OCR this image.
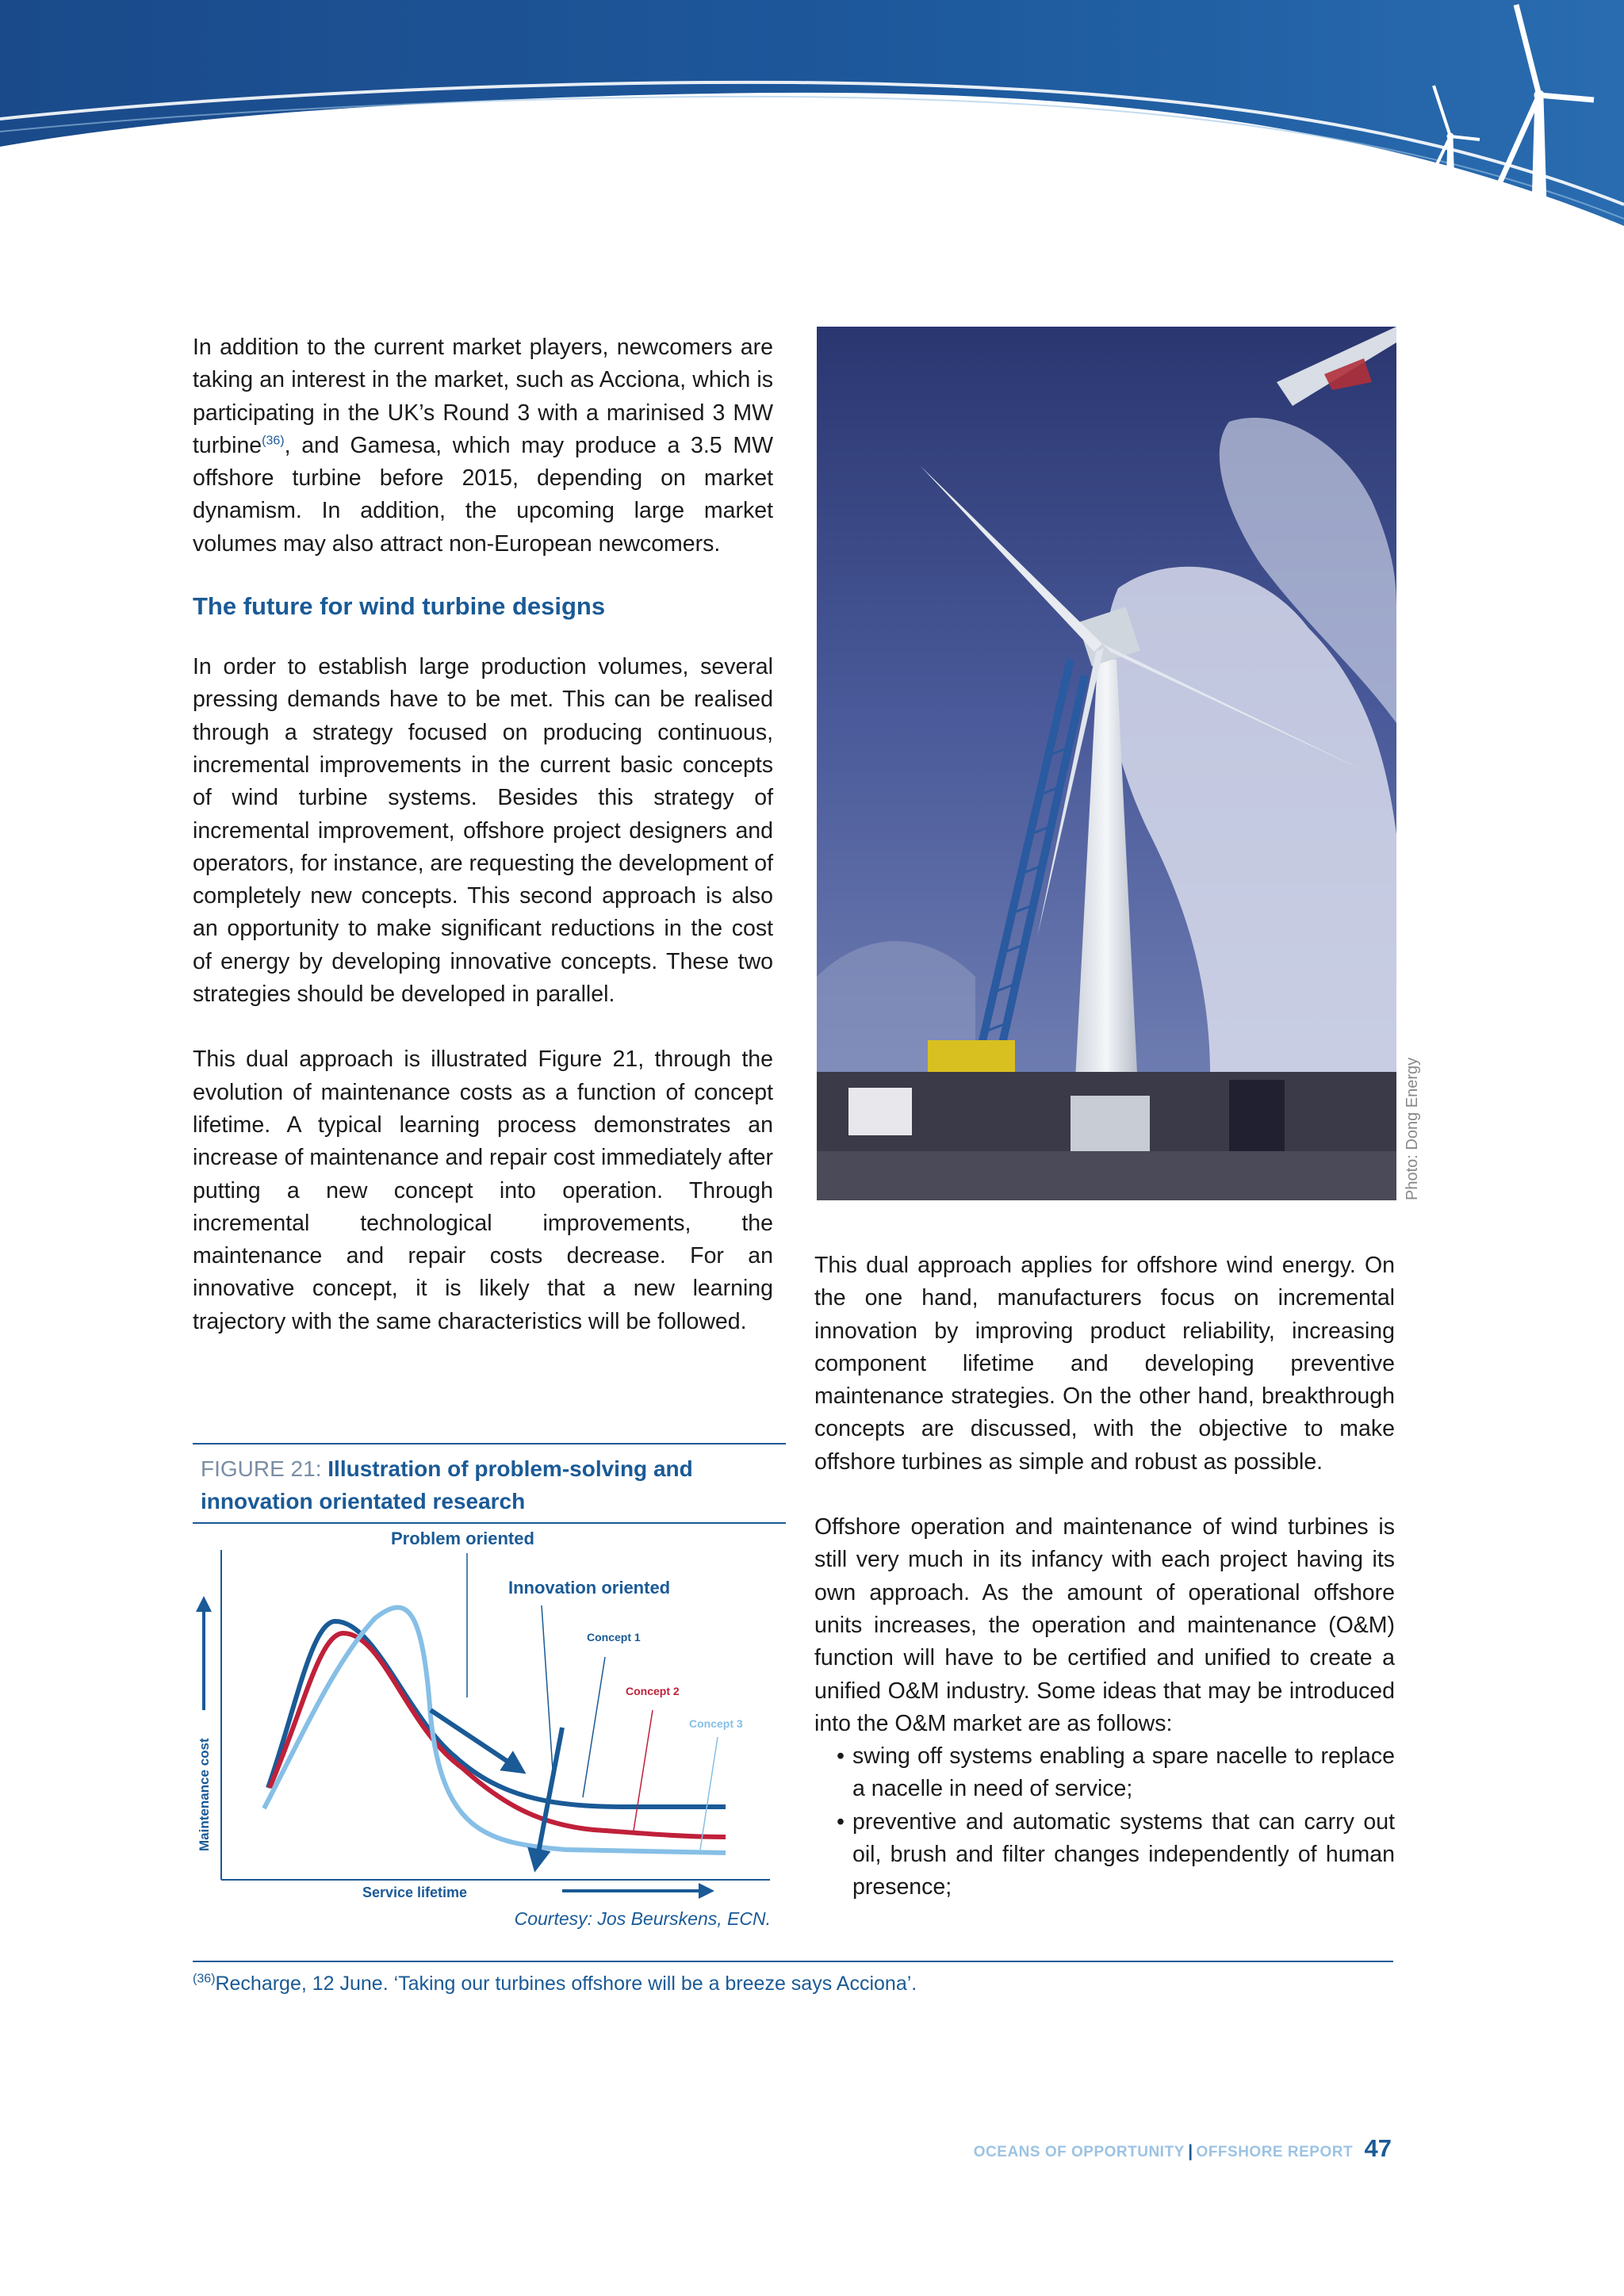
In addition to the current market players, newcomers are taking an interest in the market, such as Acciona, which is participating in the UK’s Round 3 with a marinised 3 MW turbine$^{(36)}$, and Gamesa, which may produce a 3.5 MW offshore turbine before 2015, depending on market dynamism. In addition, the upcoming large market volumes may also attract non-European newcomers.

The future for wind turbine designs

In order to establish large production volumes, several pressing demands have to be met. This can be realised through a strategy focused on producing continuous, incremental improvements in the current basic concepts of wind turbine systems. Besides this strategy of incremental improvement, offshore project designers and operators, for instance, are requesting the development of completely new concepts. This second approach is also an opportunity to make significant reductions in the cost of energy by developing innovative concepts. These two strategies should be developed in parallel.

This dual approach is illustrated Figure 21, through the evolution of maintenance costs as a function of concept lifetime. A typical learning process demonstrates an increase of maintenance and repair cost immediately after putting a new concept into operation. Through incremental technological improvements, the maintenance and repair costs decrease. For an innovative concept, it is likely that a new learning trajectory with the same characteristics will be followed.

FIGURE 21: Illustration of problem-solving and innovation orientated research
Maintenance cost
Service lifetime
Problem oriented
Innovation oriented
Concept 1
Concept 2
Concept 3
Courtesy: Jos Beurskens, ECN.
Photo: Dong Energy

This dual approach applies for offshore wind energy. On the one hand, manufacturers focus on incremental innovation by improving product reliability, increasing component lifetime and developing preventive maintenance strategies. On the other hand, breakthrough concepts are discussed, with the objective to make offshore turbines as simple and robust as possible.

Offshore operation and maintenance of wind turbines is still very much in its infancy with each project having its own approach. As the amount of operational offshore units increases, the operation and maintenance (O&M) function will have to be certified and unified to create a unified O&M industry. Some ideas that may be introduced into the O&M market are as follows:

• swing off systems enabling a spare nacelle to replace a nacelle in need of service;
• preventive and automatic systems that can carry out oil, brush and filter changes independently of human presence;
$^{(36)}$Recharge, 12 June. ‘Taking our turbines offshore will be a breeze says Acciona’.
OCEANS OF OPPORTUNITY | OFFSHORE REPORT 47
